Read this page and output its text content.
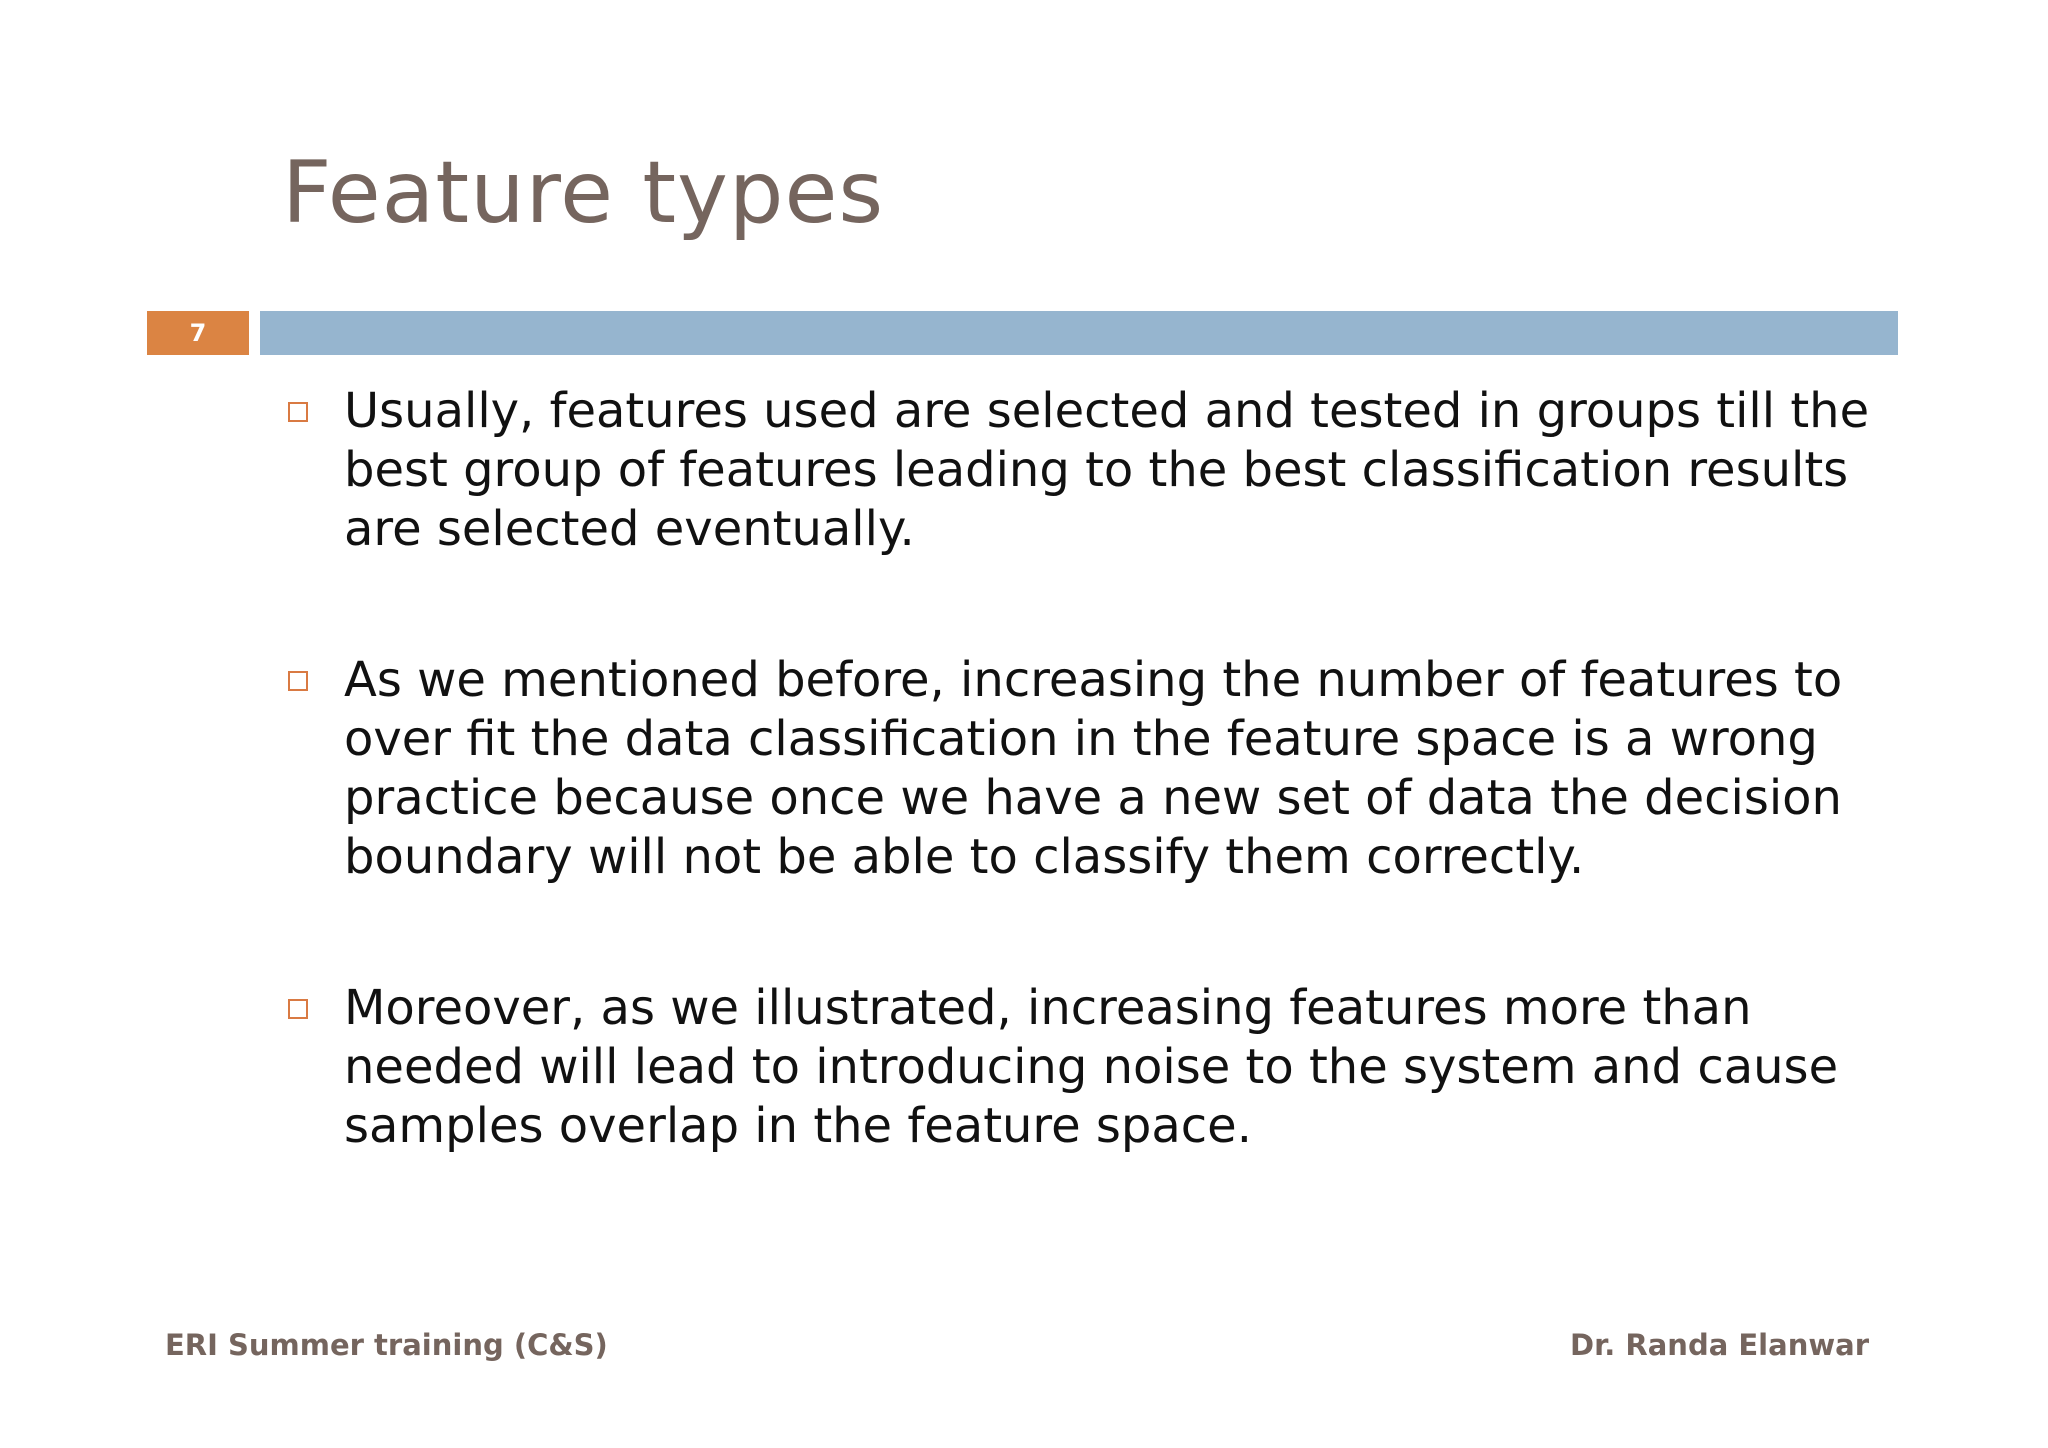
Feature types
7
Usually, features used are selected and tested in groups till the best group of features leading to the best classification results are selected eventually.
As we mentioned before, increasing the number of features to over fit the data classification in the feature space is a wrong practice because once we have a new set of data the decision boundary will not be able to classify them correctly.
Moreover, as we illustrated, increasing features more than needed will lead to introducing noise to the system and cause samples overlap in the feature space.
ERI Summer training (C&S)	Dr. Randa Elanwar
